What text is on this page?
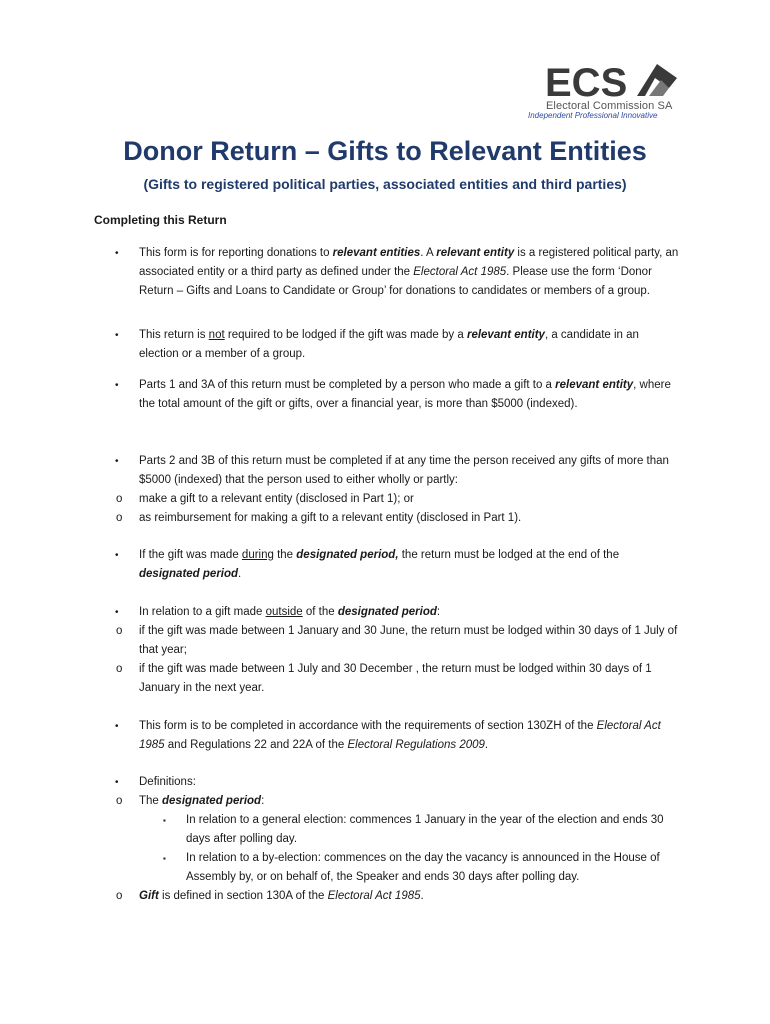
ECS
Electoral Commission SA
Independent Professional Innovative
Donor Return – Gifts to Relevant Entities
(Gifts to registered political parties, associated entities and third parties)
Completing this Return
• This form is for reporting donations to relevant entities. A relevant entity is a registered political party, an associated entity or a third party as defined under the Electoral Act 1985. Please use the form ‘Donor Return – Gifts and Loans to Candidate or Group’ for donations to candidates or members of a group.
• This return is not required to be lodged if the gift was made by a relevant entity, a candidate in an election or a member of a group.
• Parts 1 and 3A of this return must be completed by a person who made a gift to a relevant entity, where the total amount of the gift or gifts, over a financial year, is more than $5000 (indexed).
• Parts 2 and 3B of this return must be completed if at any time the person received any gifts of more than $5000 (indexed) that the person used to either wholly or partly:
o make a gift to a relevant entity (disclosed in Part 1); or
o as reimbursement for making a gift to a relevant entity (disclosed in Part 1).
• If the gift was made during the designated period, the return must be lodged at the end of the designated period.
• In relation to a gift made outside of the designated period:
o if the gift was made between 1 January and 30 June, the return must be lodged within 30 days of 1 July of that year;
o if the gift was made between 1 July and 30 December , the return must be lodged within 30 days of 1 January in the next year.
• This form is to be completed in accordance with the requirements of section 130ZH of the Electoral Act 1985 and Regulations 22 and 22A of the Electoral Regulations 2009.
• Definitions:
o The designated period:
▪ In relation to a general election: commences 1 January in the year of the election and ends 30 days after polling day.
▪ In relation to a by-election: commences on the day the vacancy is announced in the House of Assembly by, or on behalf of, the Speaker and ends 30 days after polling day.
o Gift is defined in section 130A of the Electoral Act 1985.
